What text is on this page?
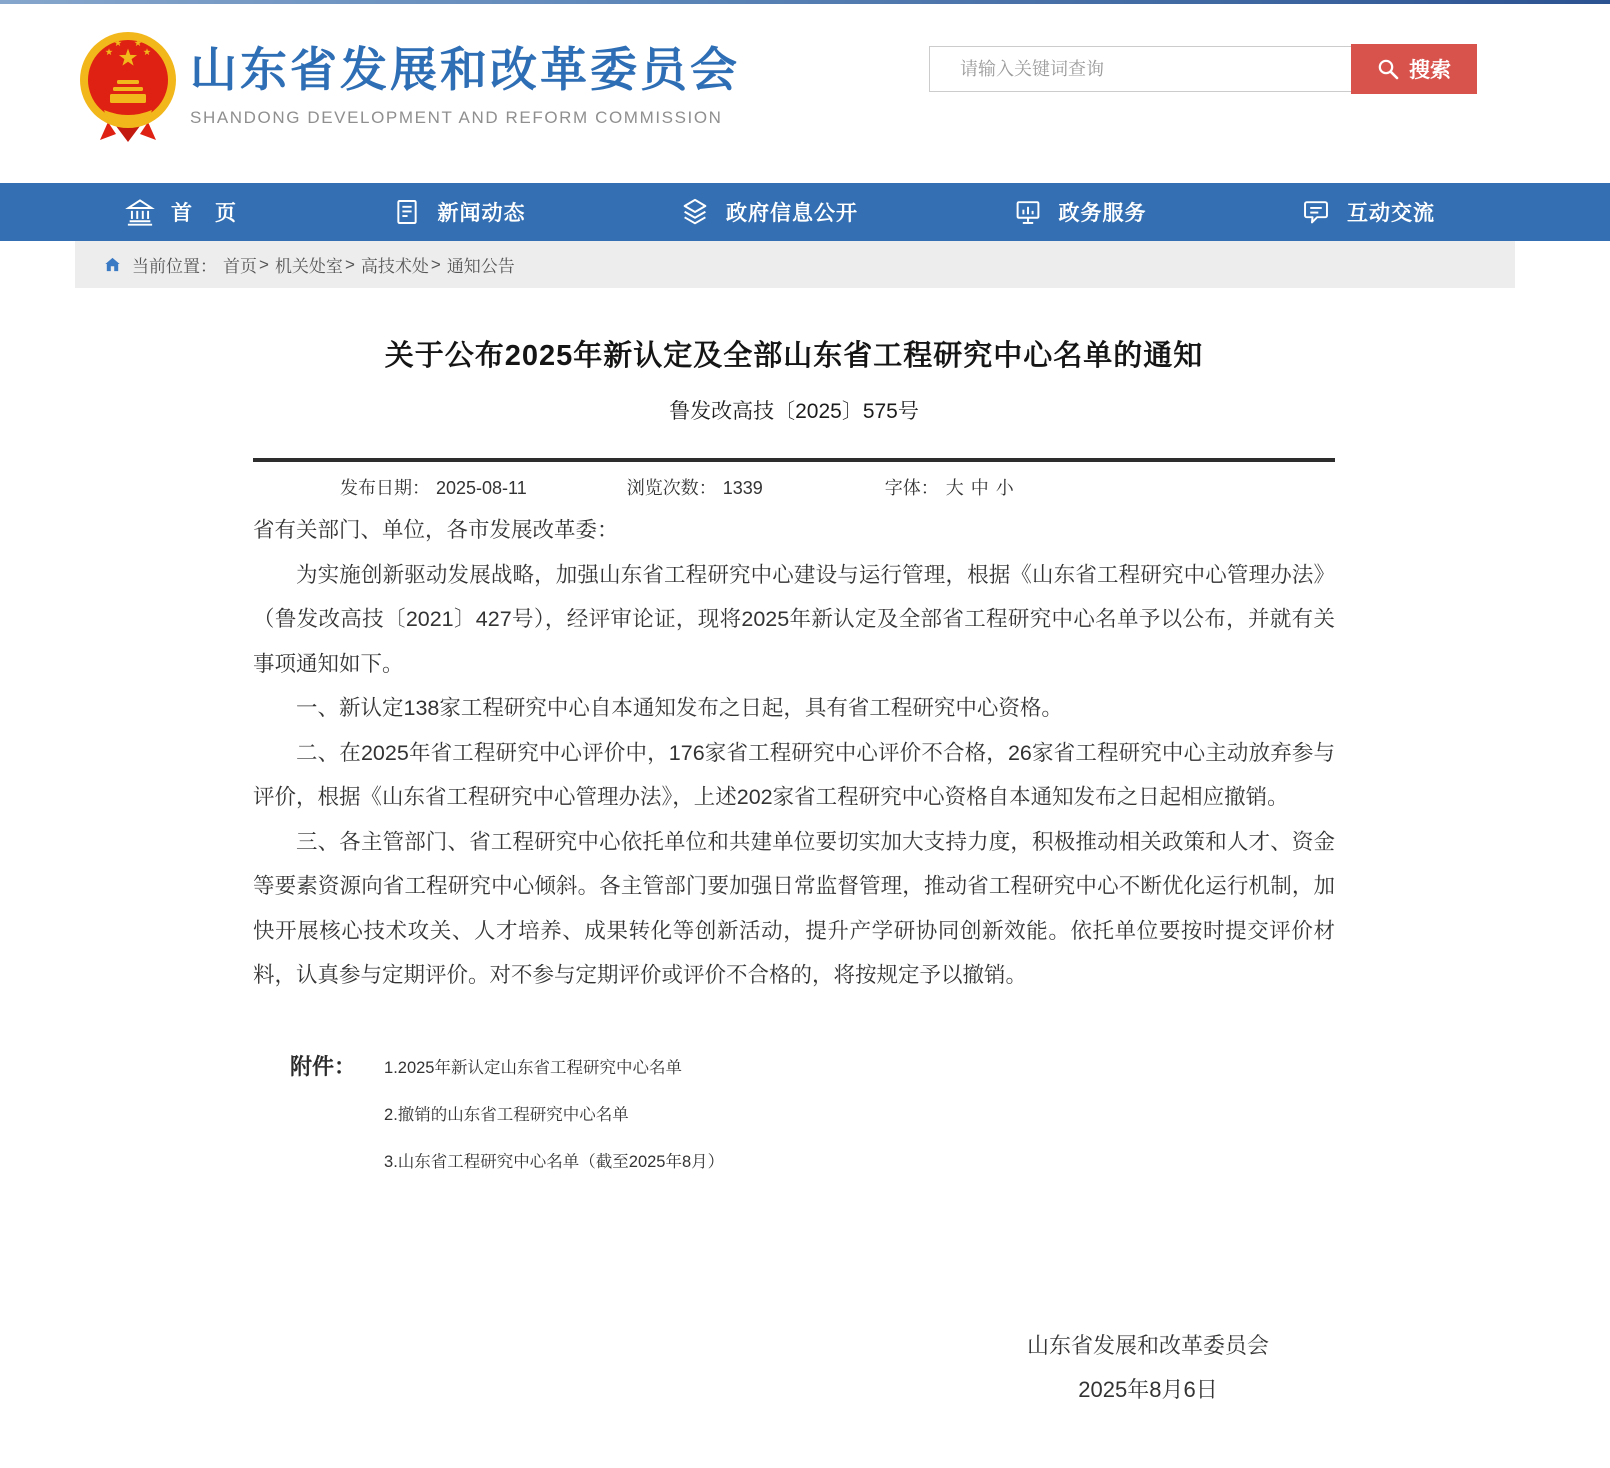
山东省发展和改革委员会
SHANDONG DEVELOPMENT AND REFORM COMMISSION
请输入关键词查询
搜索
首　页	新闻动态	政府信息公开	政务服务	互动交流
当前位置： 首页 > 机关处室 > 高技术处 > 通知公告
关于公布2025年新认定及全部山东省工程研究中心名单的通知
鲁发改高技〔2025〕575号
发布日期： 2025-08-11	浏览次数： 1339	字体： 大 中 小

省有关部门、单位，各市发展改革委：

为实施创新驱动发展战略，加强山东省工程研究中心建设与运行管理，根据《山东省工程研究中心管理办法》（鲁发改高技〔2021〕427号），经评审论证，现将2025年新认定及全部省工程研究中心名单予以公布，并就有关事项通知如下。

一、新认定138家工程研究中心自本通知发布之日起，具有省工程研究中心资格。

二、在2025年省工程研究中心评价中，176家省工程研究中心评价不合格，26家省工程研究中心主动放弃参与评价，根据《山东省工程研究中心管理办法》，上述202家省工程研究中心资格自本通知发布之日起相应撤销。

三、各主管部门、省工程研究中心依托单位和共建单位要切实加大支持力度，积极推动相关政策和人才、资金等要素资源向省工程研究中心倾斜。各主管部门要加强日常监督管理，推动省工程研究中心不断优化运行机制，加快开展核心技术攻关、人才培养、成果转化等创新活动，提升产学研协同创新效能。依托单位要按时提交评价材料，认真参与定期评价。对不参与定期评价或评价不合格的，将按规定予以撤销。

附件： 1.2025年新认定山东省工程研究中心名单
2.撤销的山东省工程研究中心名单
3.山东省工程研究中心名单（截至2025年8月）
山东省发展和改革委员会
2025年8月6日
